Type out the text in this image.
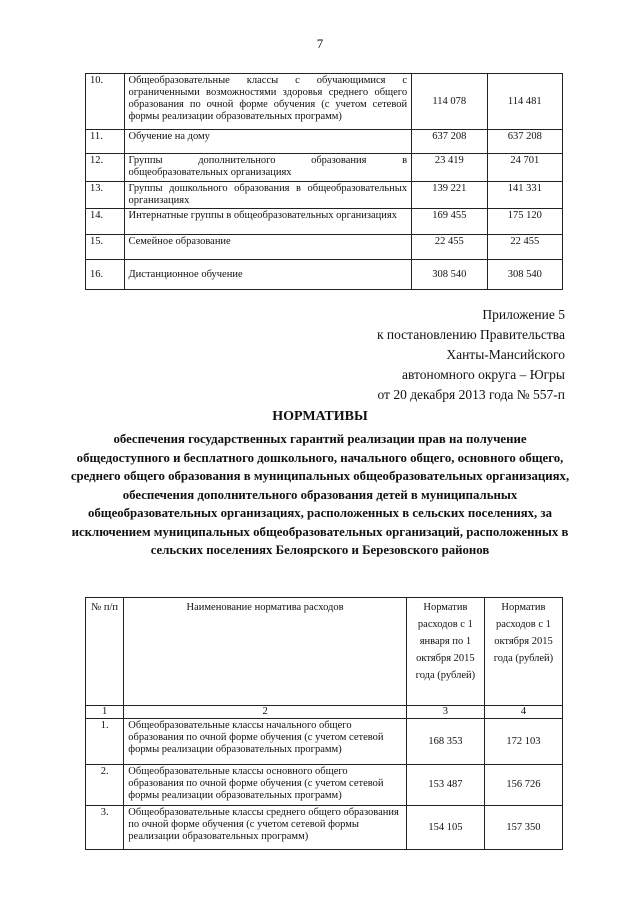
7
10.	Общеобразовательные классы с обучающимися с ограниченными возможностями здоровья среднего общего образования по очной форме обучения (с учетом сетевой формы реализации образовательных программ)	114 078	114 481
11.	Обучение на дому	637 208	637 208
12.	Группы дополнительного образования в общеобразовательных организациях	23 419	24 701
13.	Группы дошкольного образования в общеобразовательных организациях	139 221	141 331
14.	Интернатные группы в общеобразовательных организациях	169 455	175 120
15.	Семейное образование	22 455	22 455
16.	Дистанционное обучение	308 540	308 540
Приложение 5
к постановлению Правительства
Ханты-Мансийского
автономного округа – Югры
от 20 декабря 2013 года № 557-п
НОРМАТИВЫ
обеспечения государственных гарантий реализации прав на получение общедоступного и бесплатного дошкольного, начального общего, основного общего, среднего общего образования в муниципальных общеобразовательных организациях, обеспечения дополнительного образования детей в муниципальных общеобразовательных организациях, расположенных в сельских поселениях, за исключением муниципальных общеобразовательных организаций, расположенных в сельских поселениях Белоярского и Березовского районов
№ п/п	Наименование норматива расходов	Норматив расходов с 1 января по 1 октября 2015 года (рублей)	Норматив расходов с 1 октября 2015 года (рублей)
1	2	3	4
1.	Общеобразовательные классы начального общего образования по очной форме обучения (с учетом сетевой формы реализации образовательных программ)	168 353	172 103
2.	Общеобразовательные классы основного общего образования по очной форме обучения (с учетом сетевой формы реализации образовательных программ)	153 487	156 726
3.	Общеобразовательные классы среднего общего образования по очной форме обучения (с учетом сетевой формы реализации образовательных программ)	154 105	157 350
